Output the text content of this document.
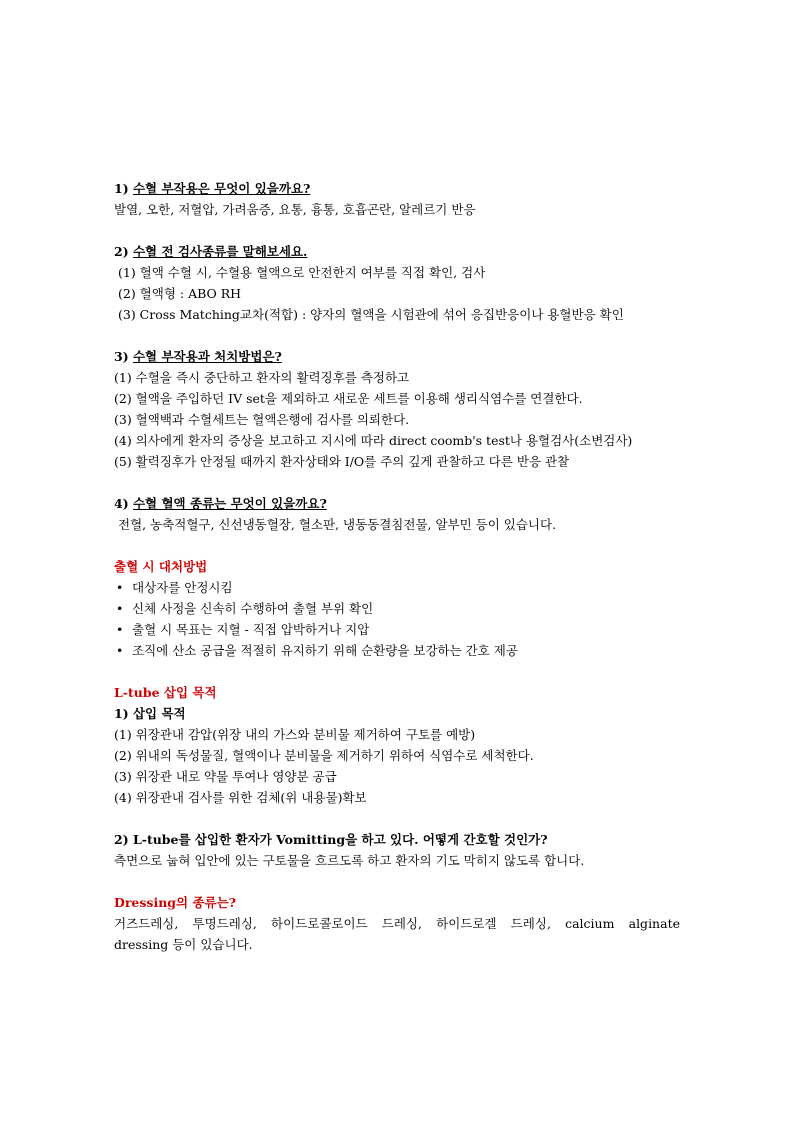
1) 수혈 부작용은 무엇이 있을까요?
발열, 오한, 저혈압, 가려움증, 요통, 흉통, 호흡곤란, 알레르기 반응
2) 수혈 전 검사종류를 말해보세요.
(1) 혈액 수혈 시, 수혈용 혈액으로 안전한지 여부를 직접 확인, 검사
(2) 혈액형 : ABO RH
(3) Cross Matching교차(적합) : 양자의 혈액을 시험관에 섞어 응집반응이나 용혈반응 확인
3) 수혈 부작용과 처치방법은?
(1) 수혈을 즉시 중단하고 환자의 활력징후를 측정하고
(2) 혈액을 주입하던 IV set을 제외하고 새로운 세트를 이용해 생리식염수를 연결한다.
(3) 혈액백과 수혈세트는 혈액은행에 검사를 의뢰한다.
(4) 의사에게 환자의 증상을 보고하고 지시에 따라 direct coomb's test나 용혈검사(소변검사)
(5) 활력징후가 안정될 때까지 환자상태와 I/O를 주의 깊게 관찰하고 다른 반응 관찰
4) 수혈 혈액 종류는 무엇이 있을까요?
전혈, 농축적혈구, 신선냉동혈장, 혈소판, 냉동동결침전물, 알부민 등이 있습니다.
출혈 시 대처방법
• 대상자를 안정시킴
• 신체 사정을 신속히 수행하여 출혈 부위 확인
• 출혈 시 목표는 지혈 - 직접 압박하거나 지압
• 조직에 산소 공급을 적절히 유지하기 위해 순환량을 보강하는 간호 제공
L-tube 삽입 목적
1) 삽입 목적
(1) 위장관내 감압(위장 내의 가스와 분비물 제거하여 구토를 예방)
(2) 위내의 독성물질, 혈액이나 분비물을 제거하기 위하여 식염수로 세척한다.
(3) 위장관 내로 약물 투여나 영양분 공급
(4) 위장관내 검사를 위한 검체(위 내용물)확보
2) L-tube를 삽입한 환자가 Vomitting을 하고 있다. 어떻게 간호할 것인가?
측면으로 눕혀 입안에 있는 구토물을 흐르도록 하고 환자의 기도 막히지 않도록 합니다.
Dressing의 종류는?
거즈드레싱, 투명드레싱, 하이드로콜로이드 드레싱, 하이드로겔 드레싱, calcium alginate
dressing 등이 있습니다.
